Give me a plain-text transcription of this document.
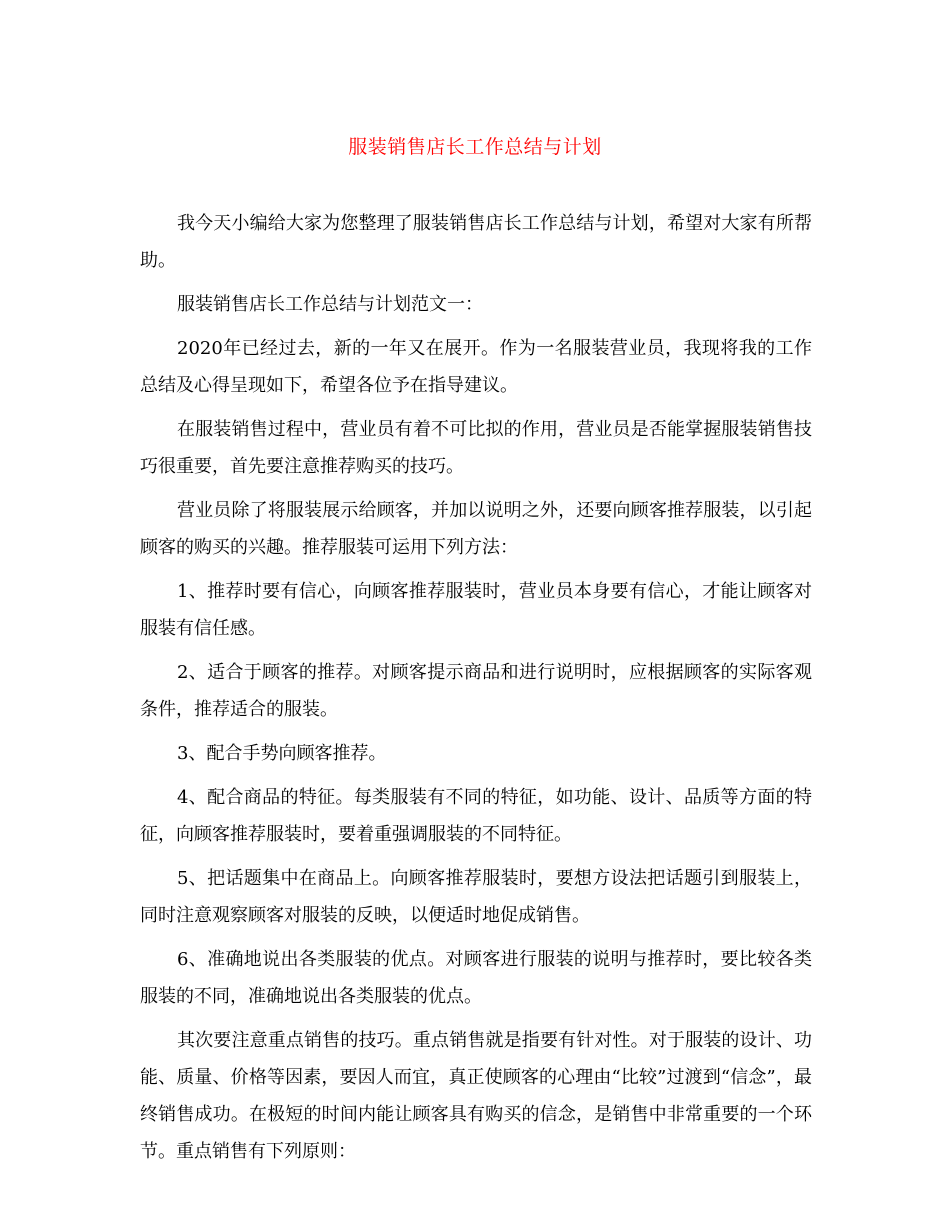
服装销售店长工作总结与计划

我今天小编给大家为您整理了服装销售店长工作总结与计划，希望对大家有所帮助。

服装销售店长工作总结与计划范文一：

2020年已经过去，新的一年又在展开。作为一名服装营业员，我现将我的工作总结及心得呈现如下，希望各位予在指导建议。

在服装销售过程中，营业员有着不可比拟的作用，营业员是否能掌握服装销售技巧很重要，首先要注意推荐购买的技巧。

营业员除了将服装展示给顾客，并加以说明之外，还要向顾客推荐服装，以引起顾客的购买的兴趣。推荐服装可运用下列方法：

1、推荐时要有信心，向顾客推荐服装时，营业员本身要有信心，才能让顾客对服装有信任感。

2、适合于顾客的推荐。对顾客提示商品和进行说明时，应根据顾客的实际客观条件，推荐适合的服装。

3、配合手势向顾客推荐。

4、配合商品的特征。每类服装有不同的特征，如功能、设计、品质等方面的特征，向顾客推荐服装时，要着重强调服装的不同特征。

5、把话题集中在商品上。向顾客推荐服装时，要想方设法把话题引到服装上，同时注意观察顾客对服装的反映，以便适时地促成销售。

6、准确地说出各类服装的优点。对顾客进行服装的说明与推荐时，要比较各类服装的不同，准确地说出各类服装的优点。

其次要注意重点销售的技巧。重点销售就是指要有针对性。对于服装的设计、功能、质量、价格等因素，要因人而宜，真正使顾客的心理由“比较”过渡到“信念”，最终销售成功。在极短的时间内能让顾客具有购买的信念，是销售中非常重要的一个环节。重点销售有下列原则：
